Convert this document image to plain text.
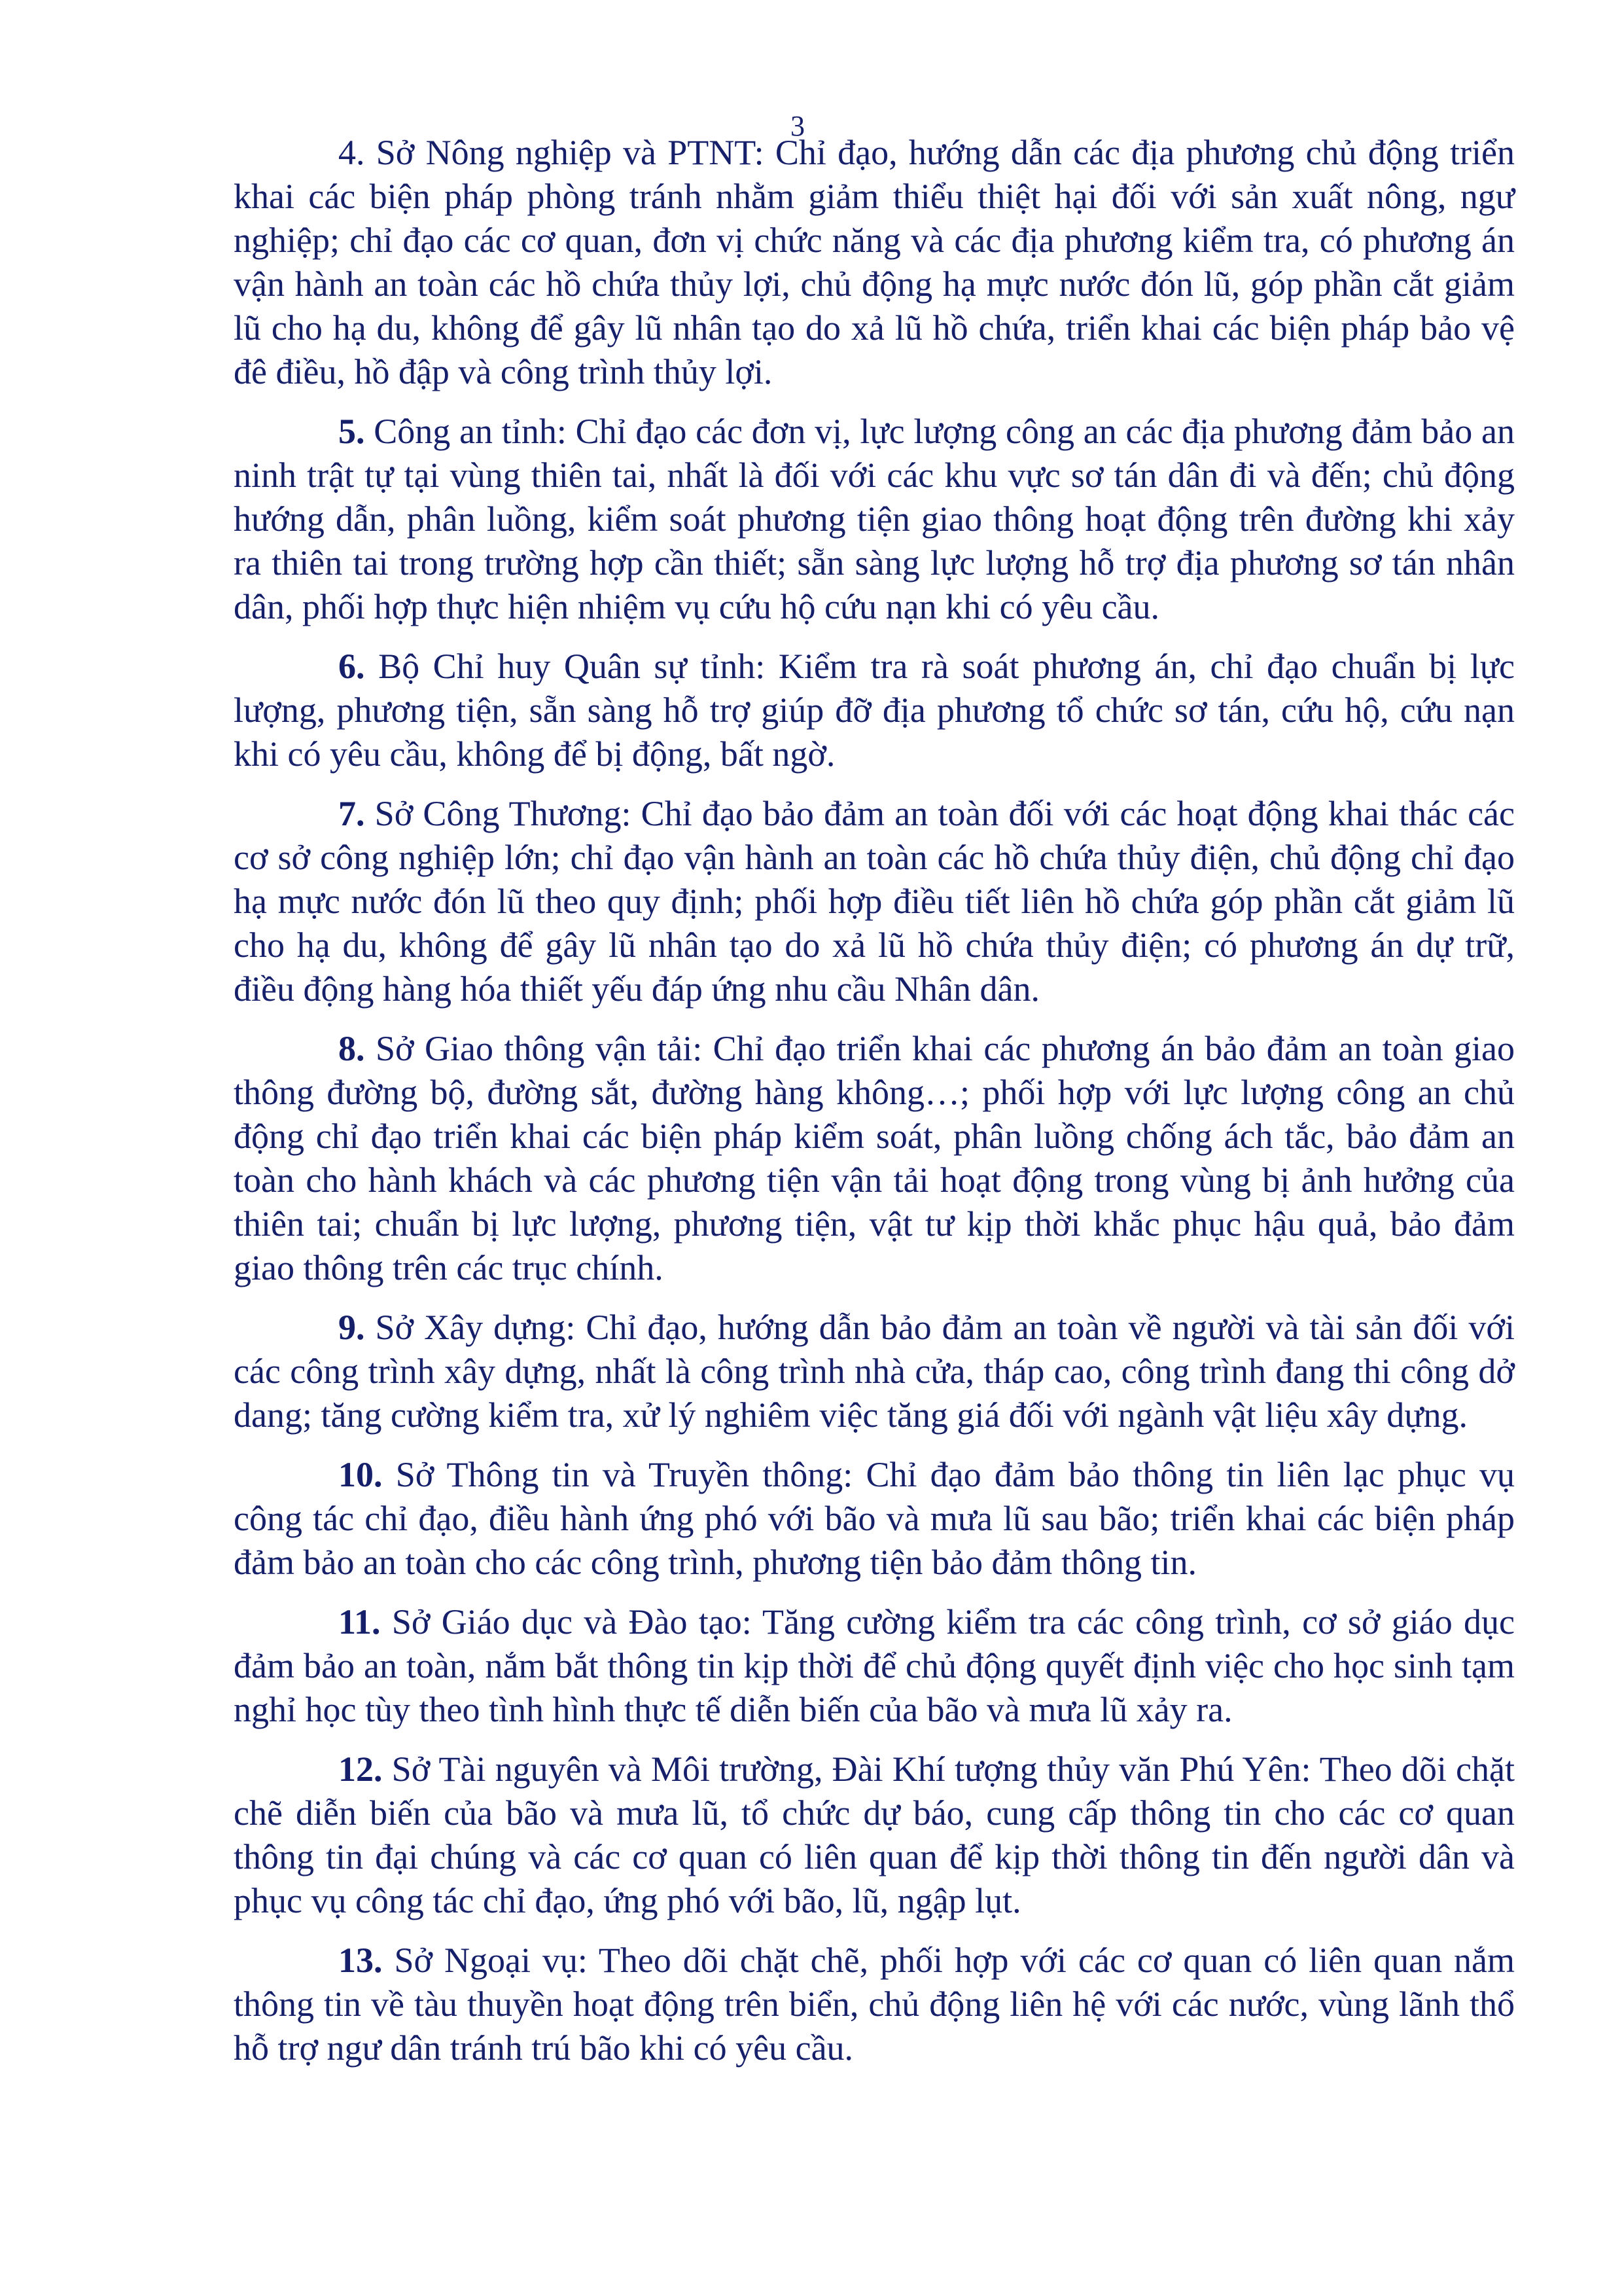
3

4. Sở Nông nghiệp và PTNT: Chỉ đạo, hướng dẫn các địa phương chủ động triển khai các biện pháp phòng tránh nhằm giảm thiểu thiệt hại đối với sản xuất nông, ngư nghiệp; chỉ đạo các cơ quan, đơn vị chức năng và các địa phương kiểm tra, có phương án vận hành an toàn các hồ chứa thủy lợi, chủ động hạ mực nước đón lũ, góp phần cắt giảm lũ cho hạ du, không để gây lũ nhân tạo do xả lũ hồ chứa, triển khai các biện pháp bảo vệ đê điều, hồ đập và công trình thủy lợi.

5. Công an tỉnh: Chỉ đạo các đơn vị, lực lượng công an các địa phương đảm bảo an ninh trật tự tại vùng thiên tai, nhất là đối với các khu vực sơ tán dân đi và đến; chủ động hướng dẫn, phân luồng, kiểm soát phương tiện giao thông hoạt động trên đường khi xảy ra thiên tai trong trường hợp cần thiết; sẵn sàng lực lượng hỗ trợ địa phương sơ tán nhân dân, phối hợp thực hiện nhiệm vụ cứu hộ cứu nạn khi có yêu cầu.

6. Bộ Chỉ huy Quân sự tỉnh: Kiểm tra rà soát phương án, chỉ đạo chuẩn bị lực lượng, phương tiện, sẵn sàng hỗ trợ giúp đỡ địa phương tổ chức sơ tán, cứu hộ, cứu nạn khi có yêu cầu, không để bị động, bất ngờ.

7. Sở Công Thương: Chỉ đạo bảo đảm an toàn đối với các hoạt động khai thác các cơ sở công nghiệp lớn; chỉ đạo vận hành an toàn các hồ chứa thủy điện, chủ động chỉ đạo hạ mực nước đón lũ theo quy định; phối hợp điều tiết liên hồ chứa góp phần cắt giảm lũ cho hạ du, không để gây lũ nhân tạo do xả lũ hồ chứa thủy điện; có phương án dự trữ, điều động hàng hóa thiết yếu đáp ứng nhu cầu Nhân dân.

8. Sở Giao thông vận tải: Chỉ đạo triển khai các phương án bảo đảm an toàn giao thông đường bộ, đường sắt, đường hàng không…; phối hợp với lực lượng công an chủ động chỉ đạo triển khai các biện pháp kiểm soát, phân luồng chống ách tắc, bảo đảm an toàn cho hành khách và các phương tiện vận tải hoạt động trong vùng bị ảnh hưởng của thiên tai; chuẩn bị lực lượng, phương tiện, vật tư kịp thời khắc phục hậu quả, bảo đảm giao thông trên các trục chính.

9. Sở Xây dựng: Chỉ đạo, hướng dẫn bảo đảm an toàn về người và tài sản đối với các công trình xây dựng, nhất là công trình nhà cửa, tháp cao, công trình đang thi công dở dang; tăng cường kiểm tra, xử lý nghiêm việc tăng giá đối với ngành vật liệu xây dựng.

10. Sở Thông tin và Truyền thông: Chỉ đạo đảm bảo thông tin liên lạc phục vụ công tác chỉ đạo, điều hành ứng phó với bão và mưa lũ sau bão; triển khai các biện pháp đảm bảo an toàn cho các công trình, phương tiện bảo đảm thông tin.

11. Sở Giáo dục và Đào tạo: Tăng cường kiểm tra các công trình, cơ sở giáo dục đảm bảo an toàn, nắm bắt thông tin kịp thời để chủ động quyết định việc cho học sinh tạm nghỉ học tùy theo tình hình thực tế diễn biến của bão và mưa lũ xảy ra.

12. Sở Tài nguyên và Môi trường, Đài Khí tượng thủy văn Phú Yên: Theo dõi chặt chẽ diễn biến của bão và mưa lũ, tổ chức dự báo, cung cấp thông tin cho các cơ quan thông tin đại chúng và các cơ quan có liên quan để kịp thời thông tin đến người dân và phục vụ công tác chỉ đạo, ứng phó với bão, lũ, ngập lụt.

13. Sở Ngoại vụ: Theo dõi chặt chẽ, phối hợp với các cơ quan có liên quan nắm thông tin về tàu thuyền hoạt động trên biển, chủ động liên hệ với các nước, vùng lãnh thổ hỗ trợ ngư dân tránh trú bão khi có yêu cầu.
